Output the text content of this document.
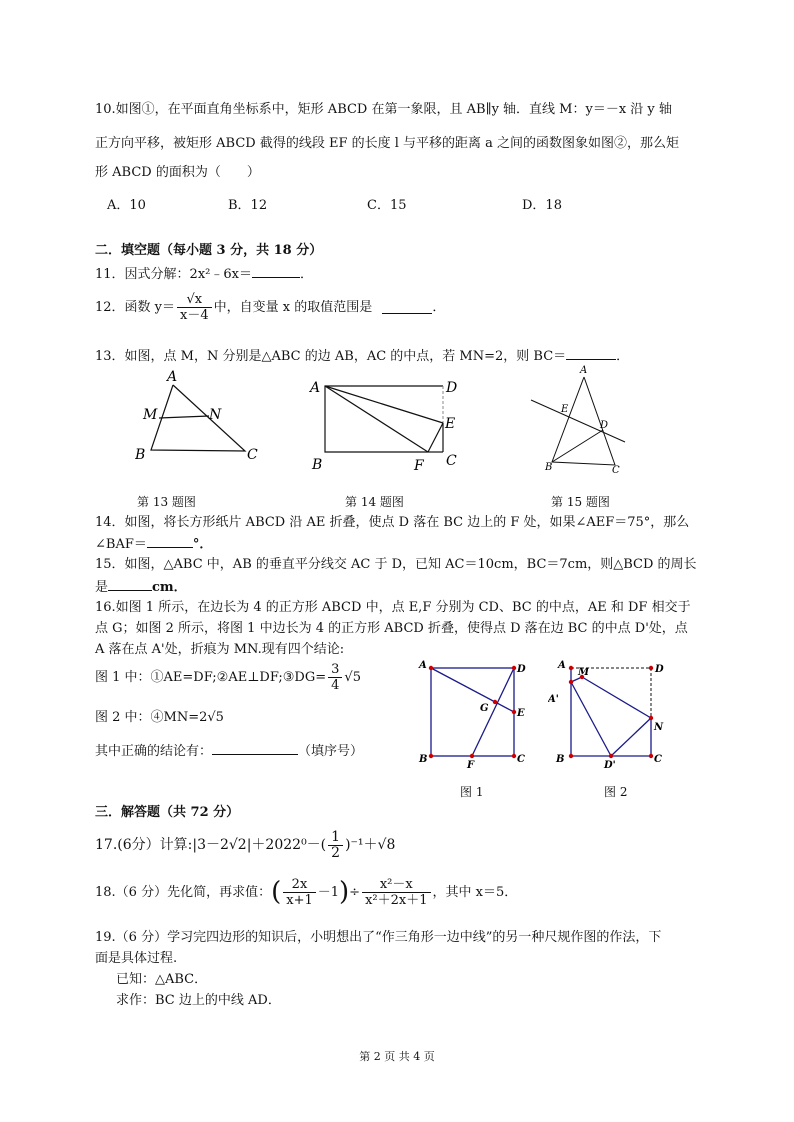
10.如图①，在平面直角坐标系中，矩形 ABCD 在第一象限，且 AB∥y 轴．直线 M：y＝－x 沿 y 轴
正方向平移，被矩形 ABCD 截得的线段 EF 的长度 l 与平移的距离 a 之间的函数图象如图②，那么矩
形 ABCD 的面积为（　　）
A．10	B．12	C．15	D．18
二．填空题（每小题 3 分，共 18 分）
11．因式分解：2x²﹣6x＝	．
12．函数 $y= \frac{√x}{x-4}$ 中，自变量 x 的取值范围是	．
13．如图，点 M，N 分别是△ABC 的边 AB，AC 的中点，若 MN=2，则 BC＝	．
A
M	N
B	C
A	D
E
B	F C
A
E
D
B	C
第 13 题图	第 14 题图	第 15 题图
14．如图，将长方形纸片 ABCD 沿 AE 折叠，使点 D 落在 BC 边上的 F 处，如果∠AEF＝75°，那么
∠BAF＝	°．
15．如图，△ABC 中，AB 的垂直平分线交 AC 于 D，已知 AC＝10cm，BC＝7cm，则△BCD 的周长
是	cm．
16.如图 1 所示，在边长为 4 的正方形 ABCD 中，点 E,F 分别为 CD、BC 的中点，AE 和 DF 相交于
点 G；如图 2 所示，将图 1 中边长为 4 的正方形 ABCD 折叠，使得点 D 落在边 BC 的中点 D'处，点
A 落在点 A'处，折痕为 MN.现有四个结论:
图 1 中：①AE=DF;②AE⊥DF;③DG= $\frac{3}{4} √5$
图 2 中：④MN=2√5
其中正确的结论有：	（填序号）
A	D
G	E
B
F
C
A
M	D
A'
N
B
D'
C
图 1	图 2
三．解答题（共 72 分）
17.(6分）计算:|3－2√2|＋2022⁰－( $\frac{1}{2} )^{-1}+√8$
18.（6 分）先化简，再求值：( $\frac{2x}{x+1} -1)\div \frac{\text{x²－x}}{\text{x²＋2x＋1}}$ ，其中 x＝5．
19.（6 分）学习完四边形的知识后，小明想出了“作三角形一边中线”的另一种尺规作图的作法，下
面是具体过程.
已知：△ABC．
求作：BC 边上的中线 AD．
第 2 页 共 4 页
